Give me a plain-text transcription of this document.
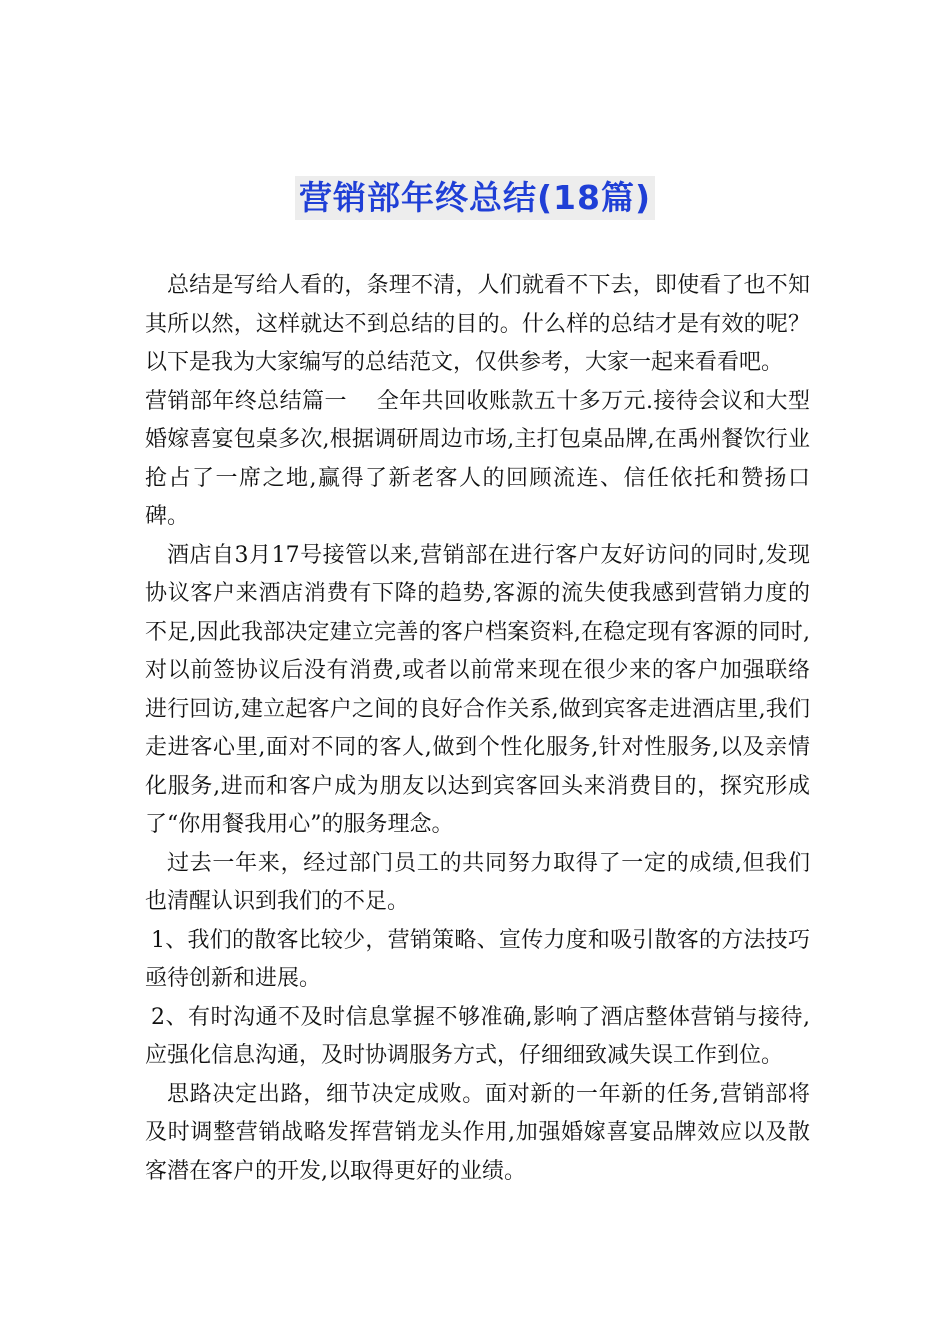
营销部年终总结(18篇)

总结是写给人看的，条理不清，人们就看不下去，即使看了也不知其所以然，这样就达不到总结的目的。什么样的总结才是有效的呢？以下是我为大家编写的总结范文，仅供参考，大家一起来看看吧。

营销部年终总结篇一　 全年共回收账款五十多万元.接待会议和大型婚嫁喜宴包桌多次,根据调研周边市场,主打包桌品牌,在禹州餐饮行业抢占了一席之地,赢得了新老客人的回顾流连、信任依托和赞扬口碑。

酒店自3月17号接管以来,营销部在进行客户友好访问的同时,发现协议客户来酒店消费有下降的趋势,客源的流失使我感到营销力度的不足,因此我部决定建立完善的客户档案资料,在稳定现有客源的同时,对以前签协议后没有消费,或者以前常来现在很少来的客户加强联络进行回访,建立起客户之间的良好合作关系,做到宾客走进酒店里,我们走进客心里,面对不同的客人,做到个性化服务,针对性服务,以及亲情化服务,进而和客户成为朋友以达到宾客回头来消费目的，探究形成了“你用餐我用心”的服务理念。

过去一年来，经过部门员工的共同努力取得了一定的成绩,但我们也清醒认识到我们的不足。

1、我们的散客比较少，营销策略、宣传力度和吸引散客的方法技巧亟待创新和进展。

2、有时沟通不及时信息掌握不够准确,影响了酒店整体营销与接待,应强化信息沟通，及时协调服务方式，仔细细致减失误工作到位。

思路决定出路，细节决定成败。面对新的一年新的任务,营销部将及时调整营销战略发挥营销龙头作用,加强婚嫁喜宴品牌效应以及散客潜在客户的开发,以取得更好的业绩。
